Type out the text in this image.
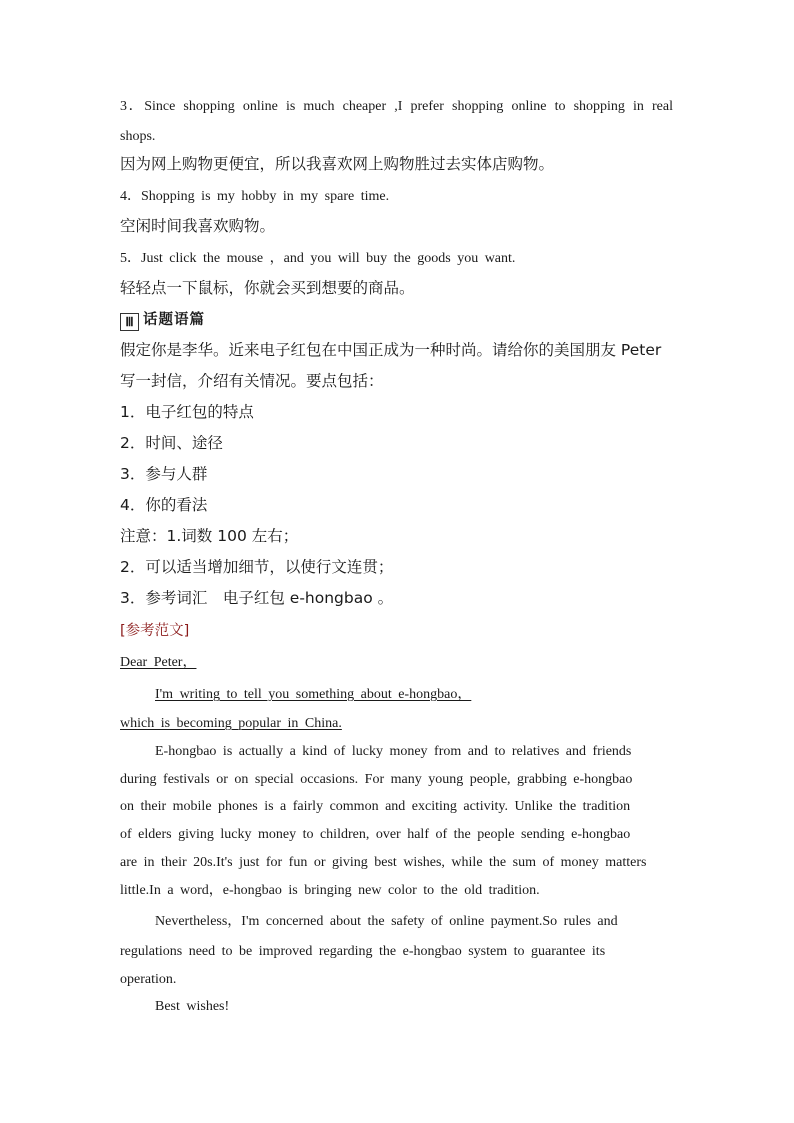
3．Since shopping online is much cheaper ,I prefer shopping online to shopping in real
shops.
因为网上购物更便宜，所以我喜欢网上购物胜过去实体店购物。
4．Shopping is my hobby in my spare time.
空闲时间我喜欢购物。
5．Just click the mouse ，and you will buy the goods you want.
轻轻点一下鼠标，你就会买到想要的商品。
Ⅲ 话题语篇
假定你是李华。近来电子红包在中国正成为一种时尚。请给你的美国朋友 Peter
写一封信，介绍有关情况。要点包括：
1．电子红包的特点
2．时间、途径
3．参与人群
4．你的看法
注意：1.词数 100 左右；
2．可以适当增加细节，以使行文连贯；
3．参考词汇　电子红包 e-hongbao 。
[参考范文]
Dear Peter，
I'm writing to tell you something about e-hongbao，
which is becoming popular in China.
E-hongbao is actually a kind of lucky money from and to relatives and friends
during festivals or on special occasions. For many young people, grabbing e-hongbao
on their mobile phones is a fairly common and exciting activity. Unlike the tradition
of elders giving lucky money to children, over half of the people sending e-hongbao
are in their 20s.It's just for fun or giving best wishes, while the sum of money matters
little.In a word，e-hongbao is bringing new color to the old tradition.
Nevertheless，I'm concerned about the safety of online payment.So rules and
regulations need to be improved regarding the e-hongbao system to guarantee its
operation.
Best wishes!
